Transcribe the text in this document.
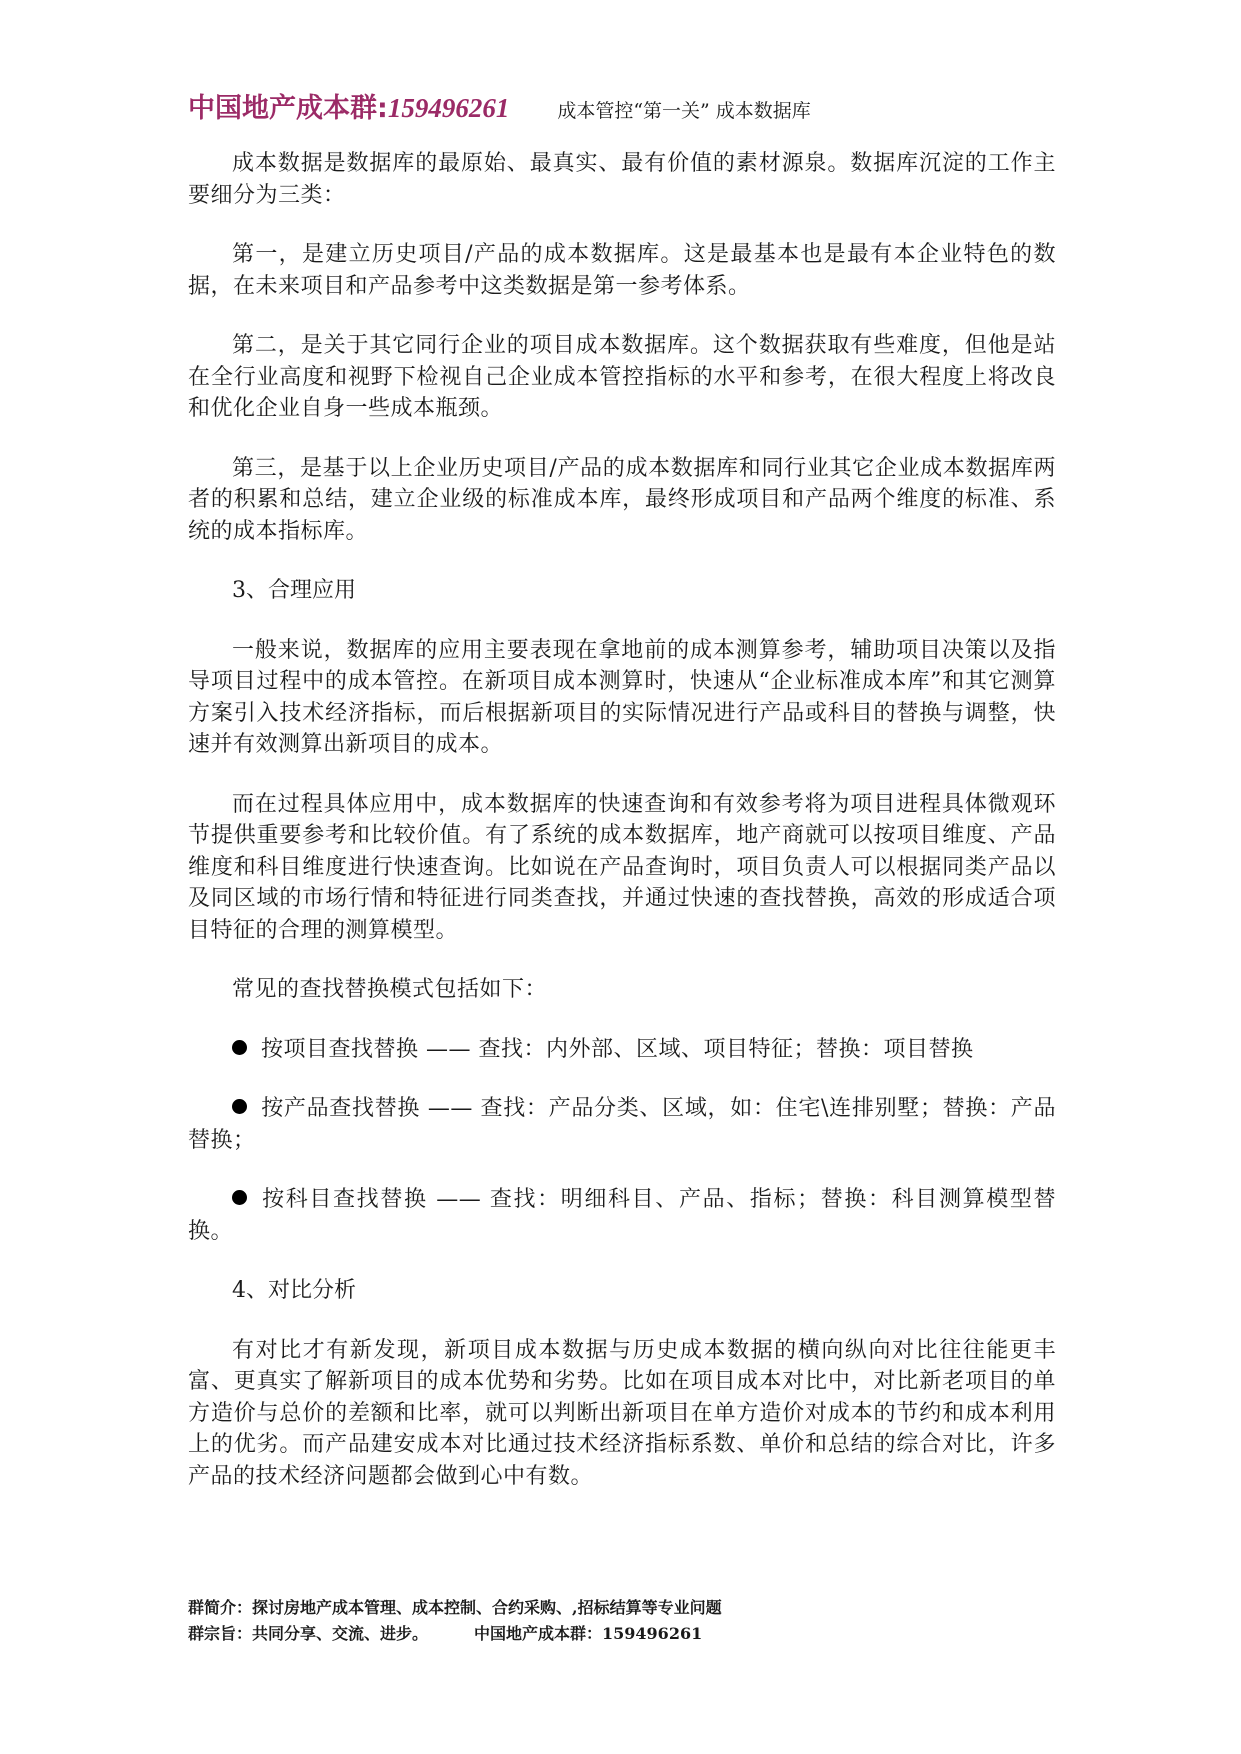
中国地产成本群: 159496261	成本管控“第一关” 成本数据库

成本数据是数据库的最原始、最真实、最有价值的素材源泉。数据库沉淀的工作主要细分为三类：

第一，是建立历史项目/产品的成本数据库。这是最基本也是最有本企业特色的数据，在未来项目和产品参考中这类数据是第一参考体系。

第二，是关于其它同行企业的项目成本数据库。这个数据获取有些难度，但他是站在全行业高度和视野下检视自己企业成本管控指标的水平和参考，在很大程度上将改良和优化企业自身一些成本瓶颈。

第三，是基于以上企业历史项目/产品的成本数据库和同行业其它企业成本数据库两者的积累和总结，建立企业级的标准成本库，最终形成项目和产品两个维度的标准、系统的成本指标库。

3、合理应用

一般来说，数据库的应用主要表现在拿地前的成本测算参考，辅助项目决策以及指导项目过程中的成本管控。在新项目成本测算时，快速从“企业标准成本库”和其它测算方案引入技术经济指标，而后根据新项目的实际情况进行产品或科目的替换与调整，快速并有效测算出新项目的成本。

而在过程具体应用中，成本数据库的快速查询和有效参考将为项目进程具体微观环节提供重要参考和比较价值。有了系统的成本数据库，地产商就可以按项目维度、产品维度和科目维度进行快速查询。比如说在产品查询时，项目负责人可以根据同类产品以及同区域的市场行情和特征进行同类查找，并通过快速的查找替换，高效的形成适合项目特征的合理的测算模型。

常见的查找替换模式包括如下：

按项目查找替换 —— 查找：内外部、区域、项目特征；替换：项目替换

按产品查找替换 —— 查找：产品分类、区域，如：住宅\连排别墅；替换：产品替换；

按科目查找替换 —— 查找：明细科目、产品、指标；替换：科目测算模型替换。

4、对比分析

有对比才有新发现，新项目成本数据与历史成本数据的横向纵向对比往往能更丰富、更真实了解新项目的成本优势和劣势。比如在项目成本对比中，对比新老项目的单方造价与总价的差额和比率，就可以判断出新项目在单方造价对成本的节约和成本利用上的优劣。而产品建安成本对比通过技术经济指标系数、单价和总结的综合对比，许多产品的技术经济问题都会做到心中有数。

群简介：探讨房地产成本管理、成本控制、合约采购、,招标结算等专业问题
群宗旨：共同分享、交流、进步。	中国地产成本群：159496261
